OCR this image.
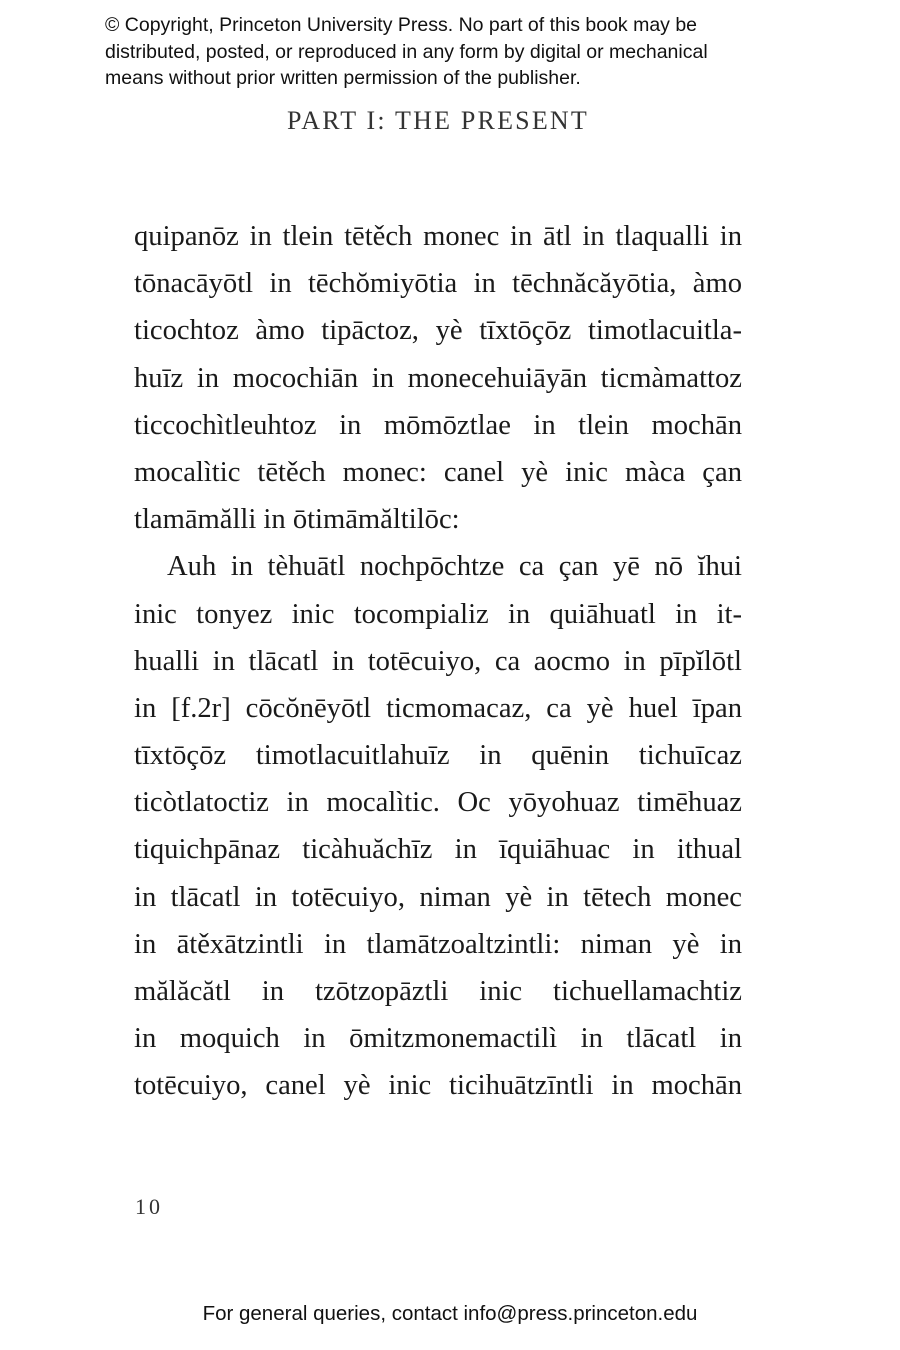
© Copyright, Princeton University Press. No part of this book may be
distributed, posted, or reproduced in any form by digital or mechanical
means without prior written permission of the publisher.
PART I: THE PRESENT
quipanōz in tlein tētěch monec in ātl in tlaqualli in
tōnacāyōtl in tēchŏmiyōtia in tēchnăcăyōtia, àmo
ticochtoz àmo tipāctoz, yè tīxtōçōz timotlacuitla-
huīz in mocochiān in monecehuiāyān ticmàmattoz
ticcochìtleuhtoz in mōmōztlae in tlein mochān
mocalìtic tētěch monec: canel yè inic màca çan
tlamāmălli in ōtimāmăltilōc:
Auh in tèhuātl nochpōchtze ca çan yē nō ĭhui
inic tonyez inic tocompializ in quiāhuatl in it-
hualli in tlācatl in totēcuiyo, ca aocmo in pīpĭlōtl
in [f.2r] cōcŏnēyōtl ticmomacaz, ca yè huel īpan
tīxtōçōz timotlacuitlahuīz in quēnin tichuīcaz
ticòtlatoctiz in mocalìtic. Oc yōyohuaz timēhuaz
tiquichpānaz ticàhuăchīz in īquiāhuac in ithual
in tlācatl in totēcuiyo, niman yè in tētech monec
in ātěxātzintli in tlamātzoaltzintli: niman yè in
mălăcătl in tzōtzopāztli inic tichuellamachtiz
in moquich in ōmitzmonemactilì in tlācatl in
totēcuiyo, canel yè inic ticihuātzīntli in mochān
10
For general queries, contact info@press.princeton.edu
